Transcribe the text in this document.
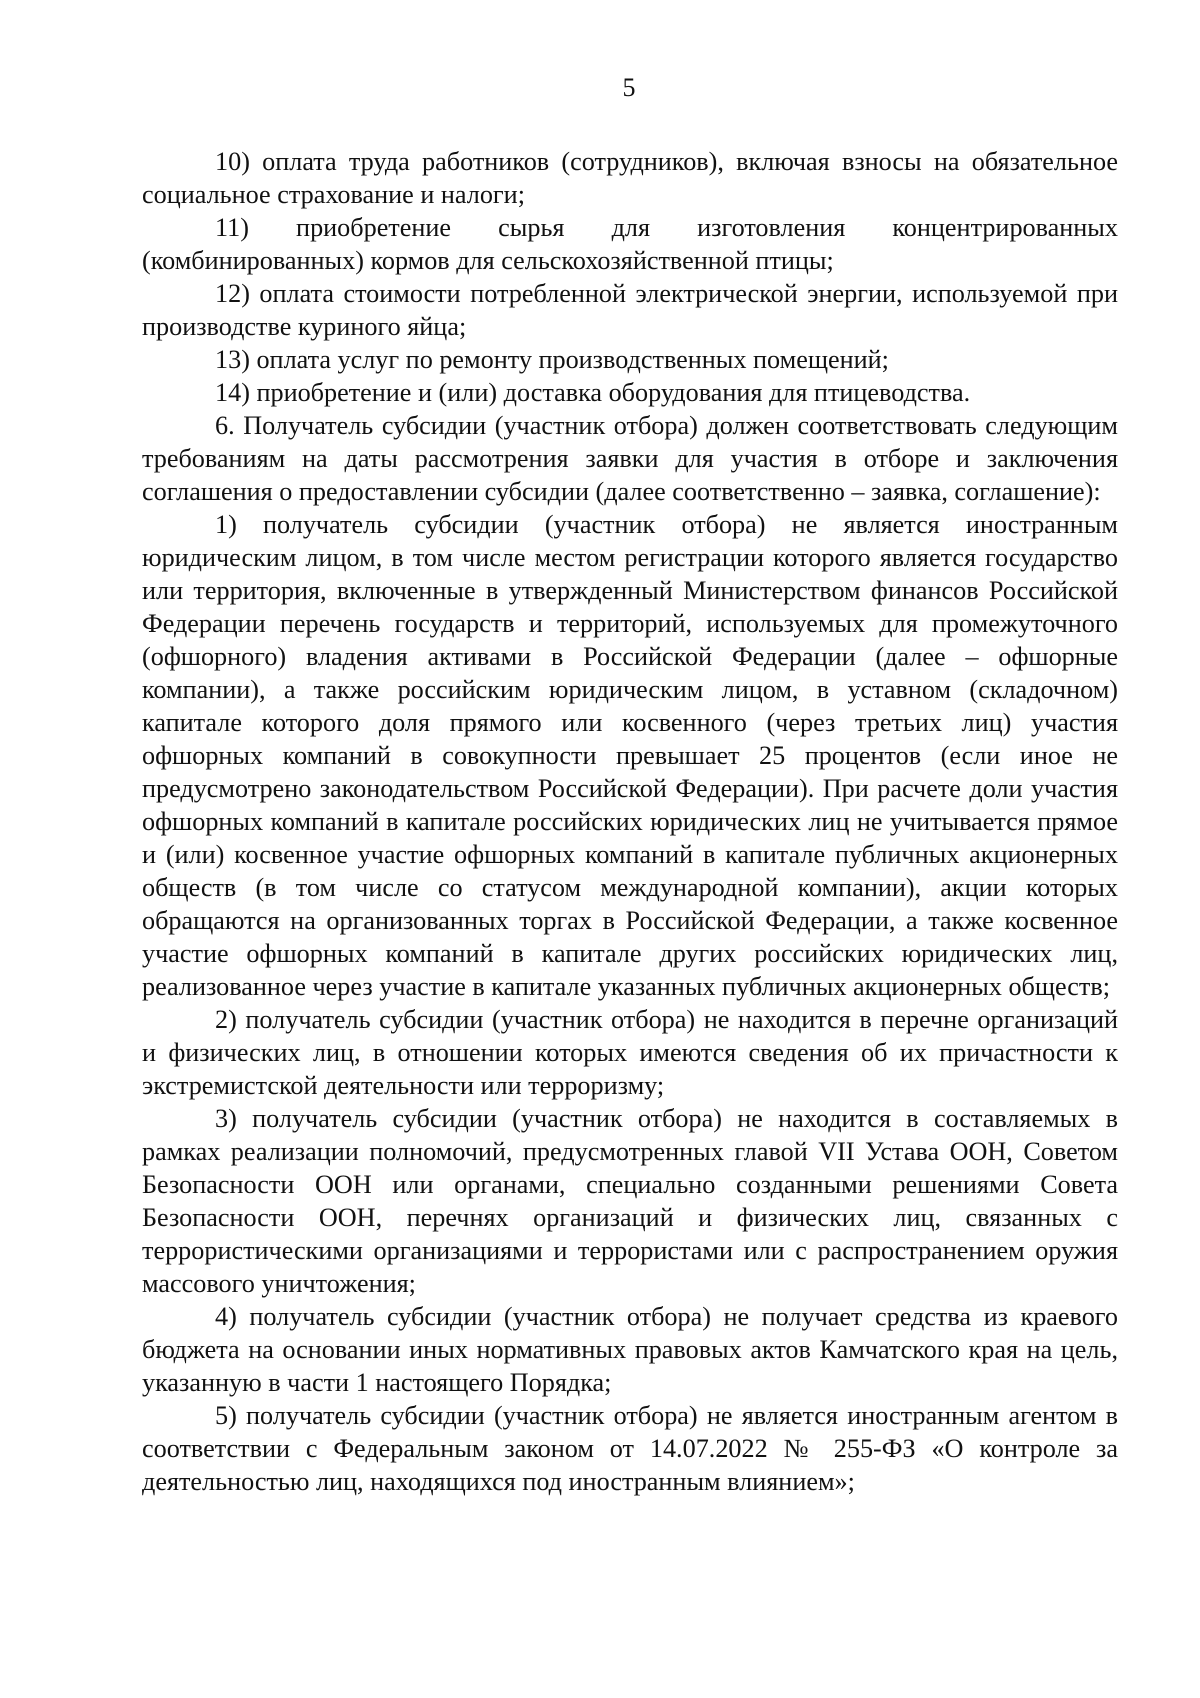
5

10) оплата труда работников (сотрудников), включая взносы на обязательное социальное страхование и налоги;

11) приобретение сырья для изготовления концентрированных (комбинированных) кормов для сельскохозяйственной птицы;

12) оплата стоимости потребленной электрической энергии, используемой при производстве куриного яйца;

13) оплата услуг по ремонту производственных помещений;

14) приобретение и (или) доставка оборудования для птицеводства.

6. Получатель субсидии (участник отбора) должен соответствовать следующим требованиям на даты рассмотрения заявки для участия в отборе и заключения соглашения о предоставлении субсидии (далее соответственно – заявка, соглашение):

1) получатель субсидии (участник отбора) не является иностранным юридическим лицом, в том числе местом регистрации которого является государство или территория, включенные в утвержденный Министерством финансов Российской Федерации перечень государств и территорий, используемых для промежуточного (офшорного) владения активами в Российской Федерации (далее – офшорные компании), а также российским юридическим лицом, в уставном (складочном) капитале которого доля прямого или косвенного (через третьих лиц) участия офшорных компаний в совокупности превышает 25 процентов (если иное не предусмотрено законодательством Российской Федерации). При расчете доли участия офшорных компаний в капитале российских юридических лиц не учитывается прямое и (или) косвенное участие офшорных компаний в капитале публичных акционерных обществ (в том числе со статусом международной компании), акции которых обращаются на организованных торгах в Российской Федерации, а также косвенное участие офшорных компаний в капитале других российских юридических лиц, реализованное через участие в капитале указанных публичных акционерных обществ;

2) получатель субсидии (участник отбора) не находится в перечне организаций и физических лиц, в отношении которых имеются сведения об их причастности к экстремистской деятельности или терроризму;

3) получатель субсидии (участник отбора) не находится в составляемых в рамках реализации полномочий, предусмотренных главой VII Устава ООН, Советом Безопасности ООН или органами, специально созданными решениями Совета Безопасности ООН, перечнях организаций и физических лиц, связанных с террористическими организациями и террористами или с распространением оружия массового уничтожения;

4) получатель субсидии (участник отбора) не получает средства из краевого бюджета на основании иных нормативных правовых актов Камчатского края на цель, указанную в части 1 настоящего Порядка;

5) получатель субсидии (участник отбора) не является иностранным агентом в соответствии с Федеральным законом от 14.07.2022 № 255-ФЗ «О контроле за деятельностью лиц, находящихся под иностранным влиянием»;
